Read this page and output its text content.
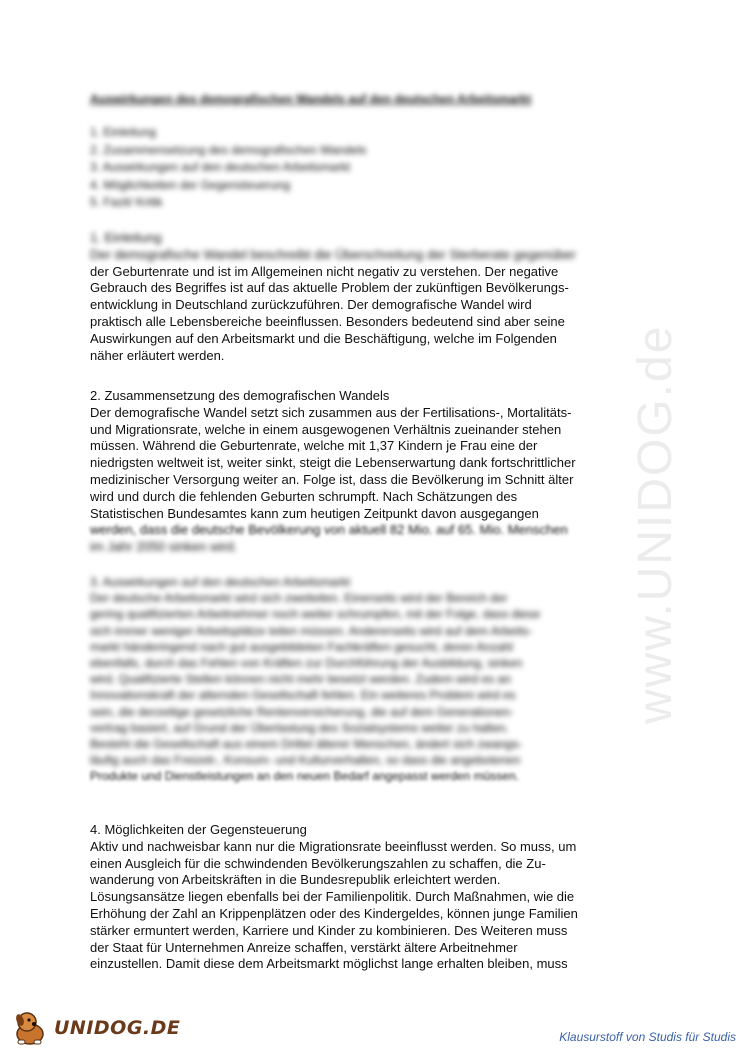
www.UNIDOG.de
Auswirkungen des demografischen Wandels auf den deutschen Arbeitsmarkt
1. Einleitung
2. Zusammensetzung des demografischen Wandels
3. Auswirkungen auf den deutschen Arbeitsmarkt
4. Möglichkeiten der Gegensteuerung
5. Fazit/ Kritik
1. Einleitung
Der demografische Wandel beschreibt die Überschreitung der Sterberate gegenüber
der Geburtenrate und ist im Allgemeinen nicht negativ zu verstehen. Der negative
Gebrauch des Begriffes ist auf das aktuelle Problem der zukünftigen Bevölkerungs-
entwicklung in Deutschland zurückzuführen. Der demografische Wandel wird
praktisch alle Lebensbereiche beeinflussen. Besonders bedeutend sind aber seine
Auswirkungen auf den Arbeitsmarkt und die Beschäftigung, welche im Folgenden
näher erläutert werden.
2. Zusammensetzung des demografischen Wandels
Der demografische Wandel setzt sich zusammen aus der Fertilisations-, Mortalitäts-
und Migrationsrate, welche in einem ausgewogenen Verhältnis zueinander stehen
müssen. Während die Geburtenrate, welche mit 1,37 Kindern je Frau eine der
niedrigsten weltweit ist, weiter sinkt, steigt die Lebenserwartung dank fortschrittlicher
medizinischer Versorgung weiter an. Folge ist, dass die Bevölkerung im Schnitt älter
wird und durch die fehlenden Geburten schrumpft. Nach Schätzungen des
Statistischen Bundesamtes kann zum heutigen Zeitpunkt davon ausgegangen
werden, dass die deutsche Bevölkerung von aktuell 82 Mio. auf 65. Mio. Menschen
im Jahr 2050 sinken wird.
3. Auswirkungen auf den deutschen Arbeitsmarkt
Der deutsche Arbeitsmarkt wird sich zweiteilen. Einerseits wird der Bereich der
gering qualifizierten Arbeitnehmer noch weiter schrumpfen, mit der Folge, dass diese
sich immer weniger Arbeitsplätze teilen müssen. Andererseits wird auf dem Arbeits-
markt händeringend nach gut ausgebildeten Fachkräften gesucht, deren Anzahl
ebenfalls, durch das Fehlen von Kräften zur Durchführung der Ausbildung, sinken
wird. Qualifizierte Stellen können nicht mehr besetzt werden. Zudem wird es an
Innovationskraft der alternden Gesellschaft fehlen. Ein weiteres Problem wird es
sein, die derzeitige gesetzliche Rentenversicherung, die auf dem Generationen-
vertrag basiert, auf Grund der Überlastung des Sozialsystems weiter zu halten.
Besteht die Gesellschaft aus einem Drittel älterer Menschen, ändert sich zwangs-
läufig auch das Freizeit-, Konsum- und Kulturverhalten, so dass die angebotenen
Produkte und Dienstleistungen an den neuen Bedarf angepasst werden müssen.
4. Möglichkeiten der Gegensteuerung
Aktiv und nachweisbar kann nur die Migrationsrate beeinflusst werden. So muss, um
einen Ausgleich für die schwindenden Bevölkerungszahlen zu schaffen, die Zu-
wanderung von Arbeitskräften in die Bundesrepublik erleichtert werden.
Lösungsansätze liegen ebenfalls bei der Familienpolitik. Durch Maßnahmen, wie die
Erhöhung der Zahl an Krippenplätzen oder des Kindergeldes, können junge Familien
stärker ermuntert werden, Karriere und Kinder zu kombinieren. Des Weiteren muss
der Staat für Unternehmen Anreize schaffen, verstärkt ältere Arbeitnehmer
einzustellen. Damit diese dem Arbeitsmarkt möglichst lange erhalten bleiben, muss
UNIDOG.DE	Klausurstoff von Studis für Studis
